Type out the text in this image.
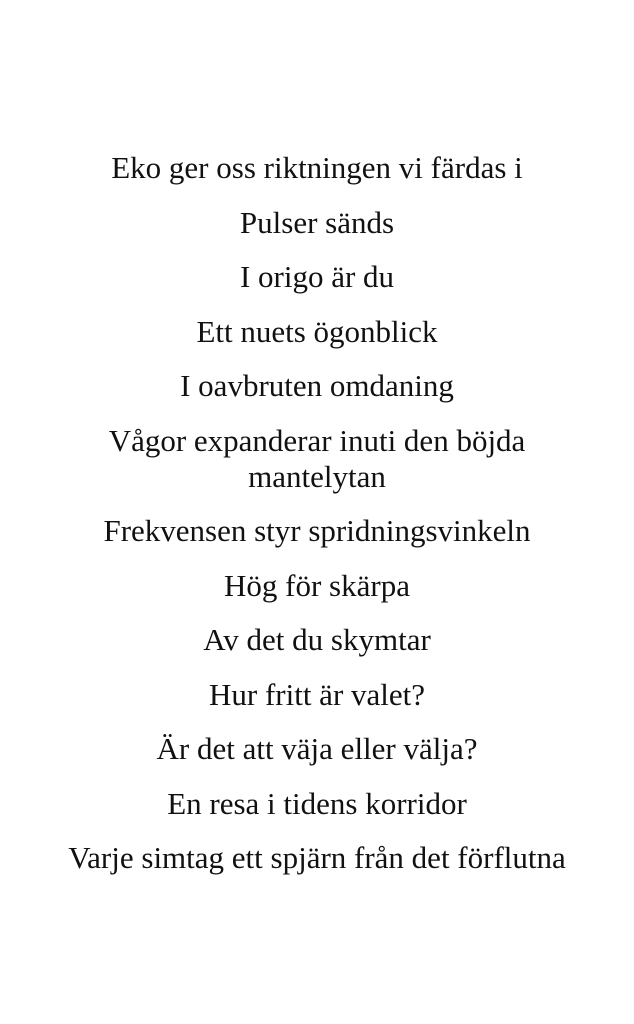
Eko ger oss riktningen vi färdas i
Pulser sänds
I origo är du
Ett nuets ögonblick
I oavbruten omdaning
Vågor expanderar inuti den böjda mantelytan
Frekvensen styr spridningsvinkeln
Hög för skärpa
Av det du skymtar
Hur fritt är valet?
Är det att väja eller välja?
En resa i tidens korridor
Varje simtag ett spjärn från det förflutna
